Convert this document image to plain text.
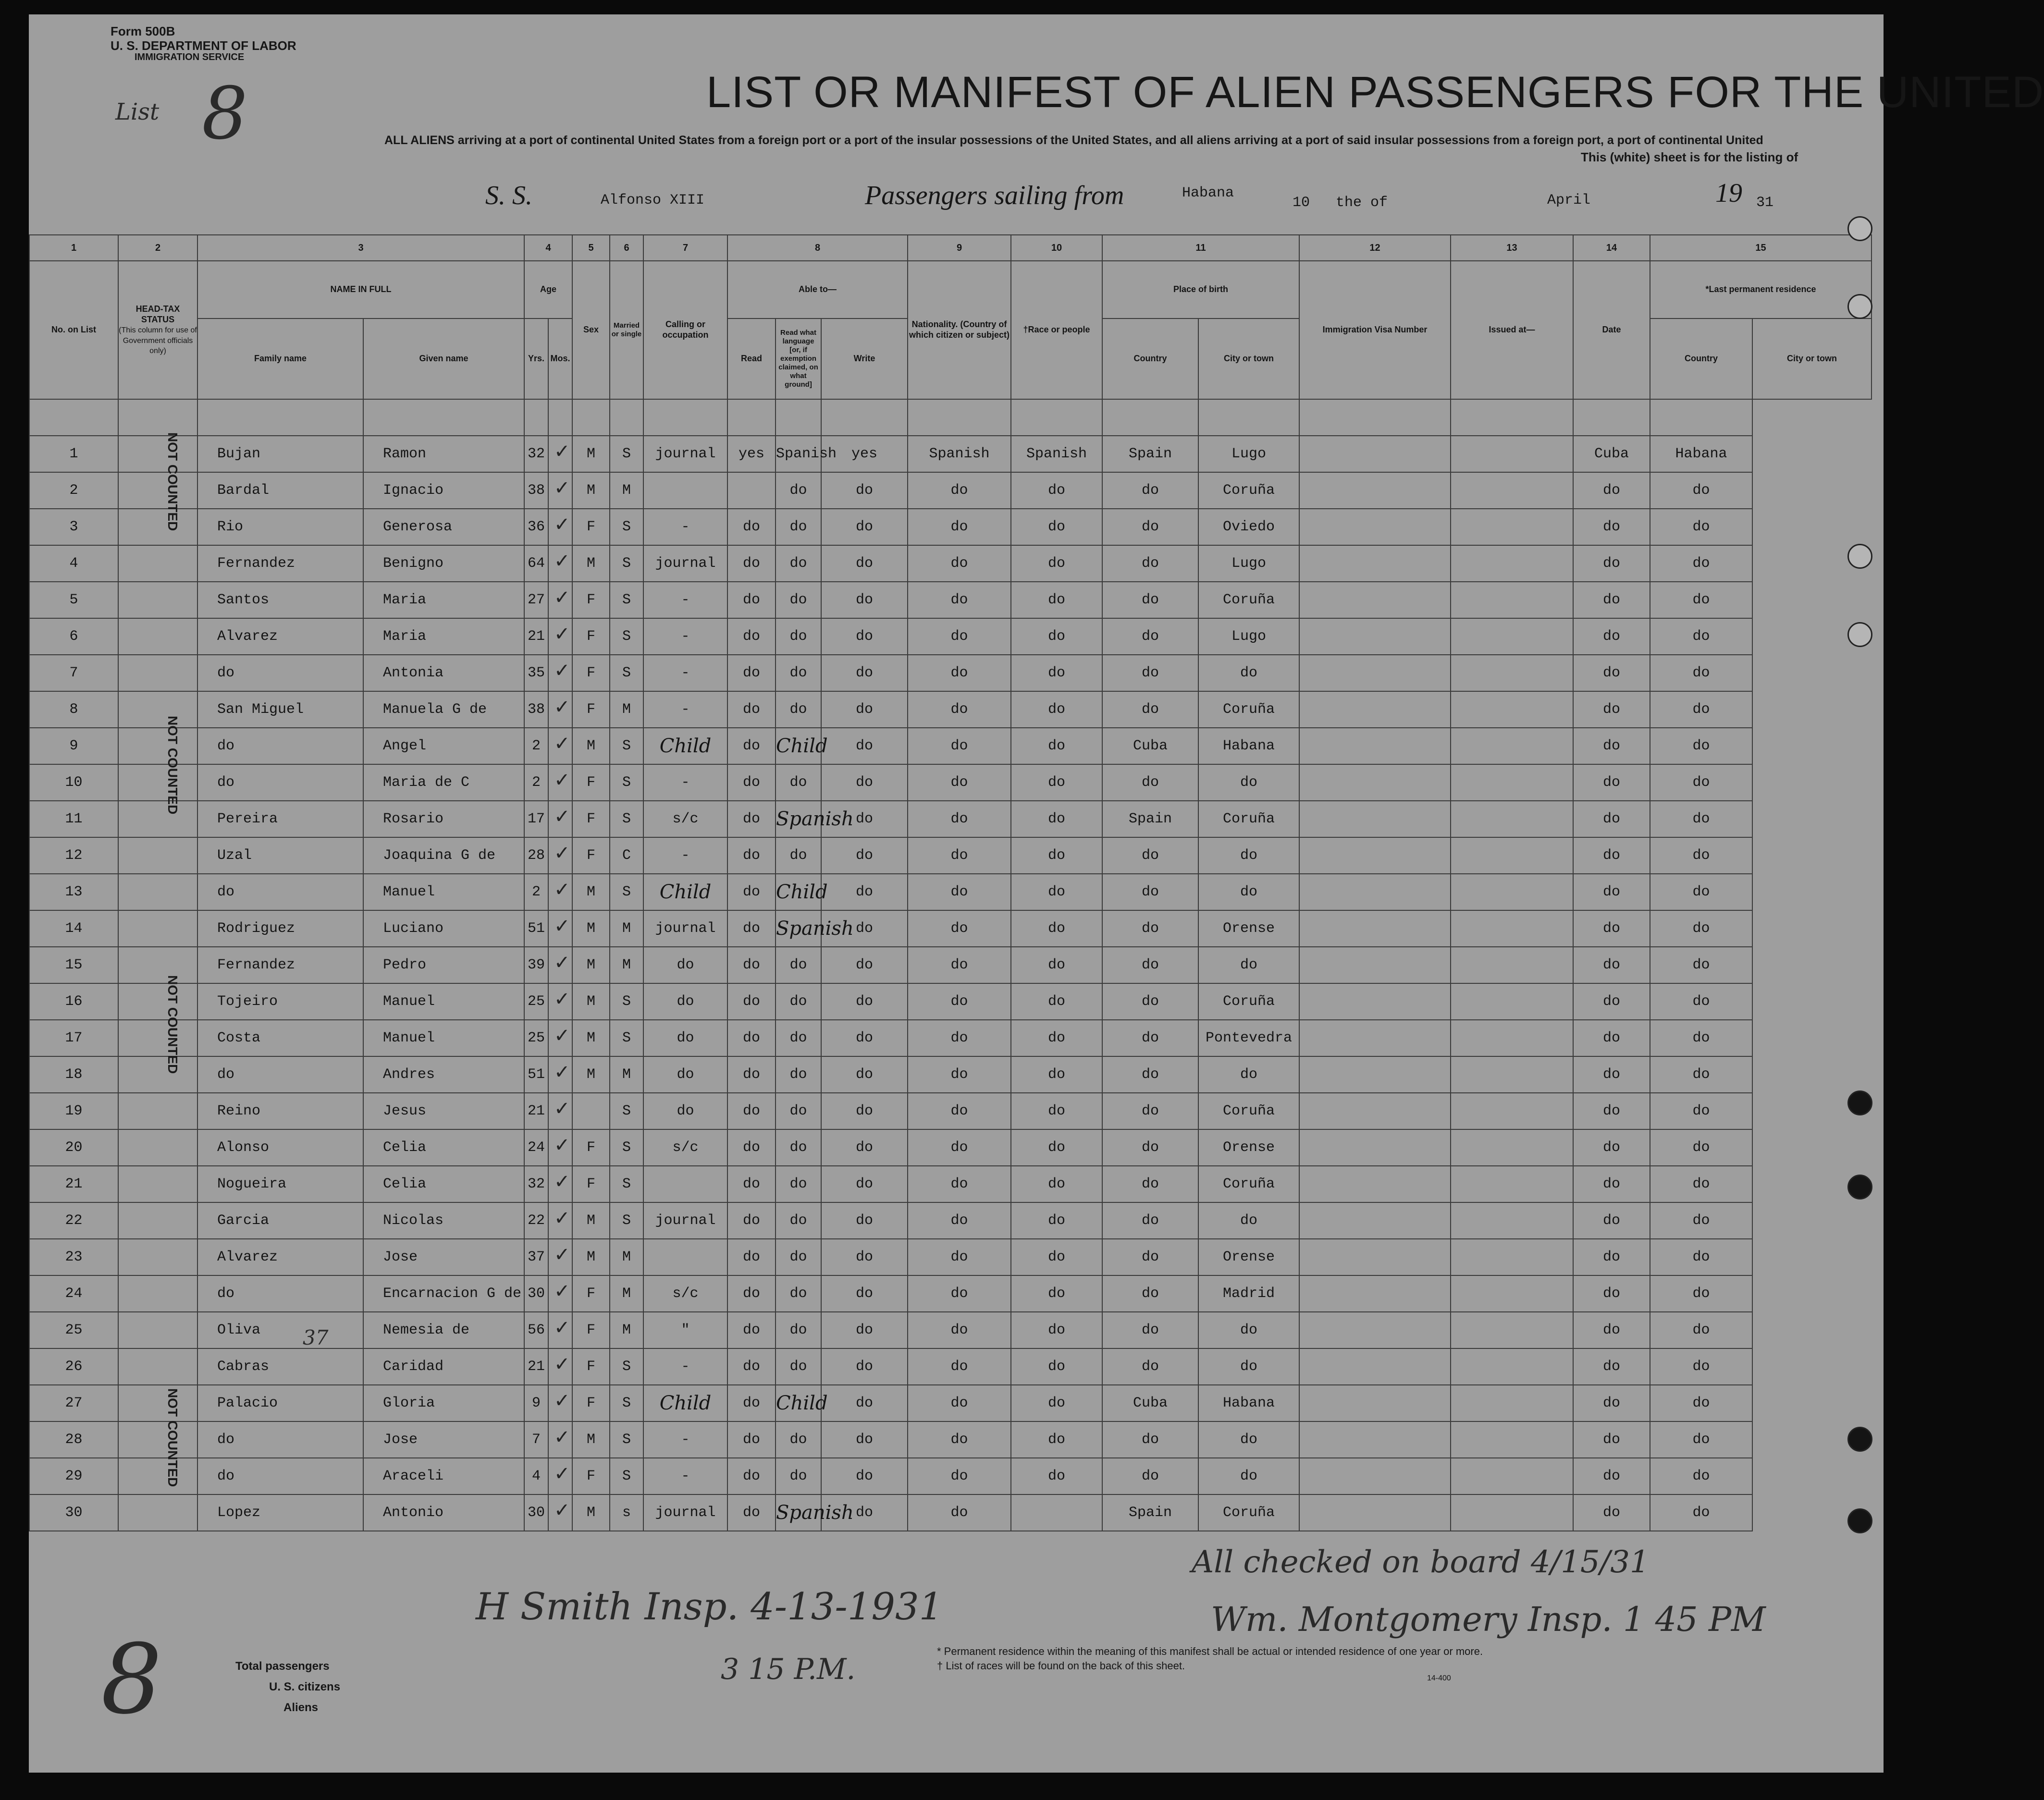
Form 500B
U. S. DEPARTMENT OF LABOR
IMMIGRATION SERVICE
List 8	LIST OR MANIFEST OF ALIEN PASSENGERS FOR THE UNITED
ALL ALIENS arriving at a port of continental United States from a foreign port or a port of the insular possessions of the United States, and all aliens arriving at a port of said insular possessions from a foreign port, a port of continental United
This (white) sheet is for the listing of
S. S.	Alfonso XIII	Passengers sailing from	Habana
10 the of	April	19 31
1	2	3		4		5	6	7	8			9	10	11		12	13	14	15	
No. on List	HEAD-TAX STATUS
(This column for use of Government officials only)	NAME IN FULL		Age		Sex	Married or single	Calling or occupation	Able to—			Nationality. (Country of which citizen or subject)	†Race or people	Place of birth		Immigration Visa Number	Issued at—	Date	*Last permanent residence	
		Family name	Given name	Yrs.	Mos.				Read	Read what language [or, if exemption claimed, on what ground]	Write			Country	City or town				Country	City or town

1		Bujan	Ramon	32		M	S	journal	yes	Spanish	yes	Spanish	Spanish	Spain	Lugo			Cuba	Habana	
2		Bardal	Ignacio	38		M	M			do	do	do	do	do	Coruña			do	do	
3		Rio	Generosa	36		F	S	-	do	do	do	do	do	do	Oviedo			do	do	
4		Fernandez	Benigno	64		M	S	journal	do	do	do	do	do	do	Lugo			do	do	
5		Santos	Maria	27		F	S	-	do	do	do	do	do	do	Coruña			do	do	
6		Alvarez	Maria	21		F	S	-	do	do	do	do	do	do	Lugo			do	do	
7		do	Antonia	35		F	S	-	do	do	do	do	do	do	do			do	do	
8		San Miguel	Manuela G de	38		F	M	-	do	do	do	do	do	do	Coruña			do	do	
9		do	Angel	2		M	S	Child	do	Child	do	do	do	Cuba	Habana			do	do	
10		do	Maria de C	2		F	S	-	do	do	do	do	do	do	do			do	do	
11		Pereira	Rosario	17		F	S	s/c	do	Spanish	do	do	do	Spain	Coruña			do	do	
12		Uzal	Joaquina G de	28		F	C	-	do	do	do	do	do	do	do			do	do	
13		do	Manuel	2		M	S	Child	do	Child	do	do	do	do	do			do	do	
14		Rodriguez	Luciano	51		M	M	journal	do	Spanish	do	do	do	do	Orense			do	do	
15		Fernandez	Pedro	39		M	M	do	do	do	do	do	do	do	do			do	do	
16		Tojeiro	Manuel	25		M	S	do	do	do	do	do	do	do	Coruña			do	do	
17		Costa	Manuel	25		M	S	do	do	do	do	do	do	do	Pontevedra			do	do	
18		do	Andres	51		M	M	do	do	do	do	do	do	do	do			do	do	
19		Reino	Jesus	21			S	do	do	do	do	do	do	do	Coruña			do	do	
20		Alonso	Celia	24		F	S	s/c	do	do	do	do	do	do	Orense			do	do	
21		Nogueira	Celia	32		F	S		do	do	do	do	do	do	Coruña			do	do	
22		Garcia	Nicolas	22		M	S	journal	do	do	do	do	do	do	do			do	do	
23		Alvarez	Jose	37		M	M		do	do	do	do	do	do	Orense			do	do	
24		do	Encarnacion G de	30		F	M	s/c	do	do	do	do	do	do	Madrid			do	do	
25		Oliva	Nemesia de	56		F	M	"	do	do	do	do	do	do	do			do	do	
26		Cabras	Caridad	21		F	S	-	do	do	do	do	do	do	do			do	do	
27		Palacio	Gloria	9		F	S	Child	do	Child	do	do	do	Cuba	Habana			do	do	
28		do	Jose	7		M	S	-	do	do	do	do	do	do	do			do	do	
29		do	Araceli	4		F	S	-	do	do	do	do	do	do	do			do	do	
30		Lopez	Antonio	30		M	s	journal	do	Spanish	do	do		Spain	Coruña			do	do	
NOT COUNTED
NOT COUNTED
NOT COUNTED
NOT COUNTED
37
H Smith Insp. 4-13-1931
3 15 P.M.
All checked on board 4/15/31
Wm. Montgomery Insp. 1 45 PM
8	Total passengers
U. S. citizens
Aliens
* Permanent residence within the meaning of this manifest shall be actual or intended residence of one year or more.
† List of races will be found on the back of this sheet.
14-400
✓
✓
✓
✓
✓
✓
✓
✓
✓
✓
✓
✓
✓
✓
✓
✓
✓
✓
✓
✓
✓
✓
✓
✓
✓
✓
✓
✓
✓
✓
